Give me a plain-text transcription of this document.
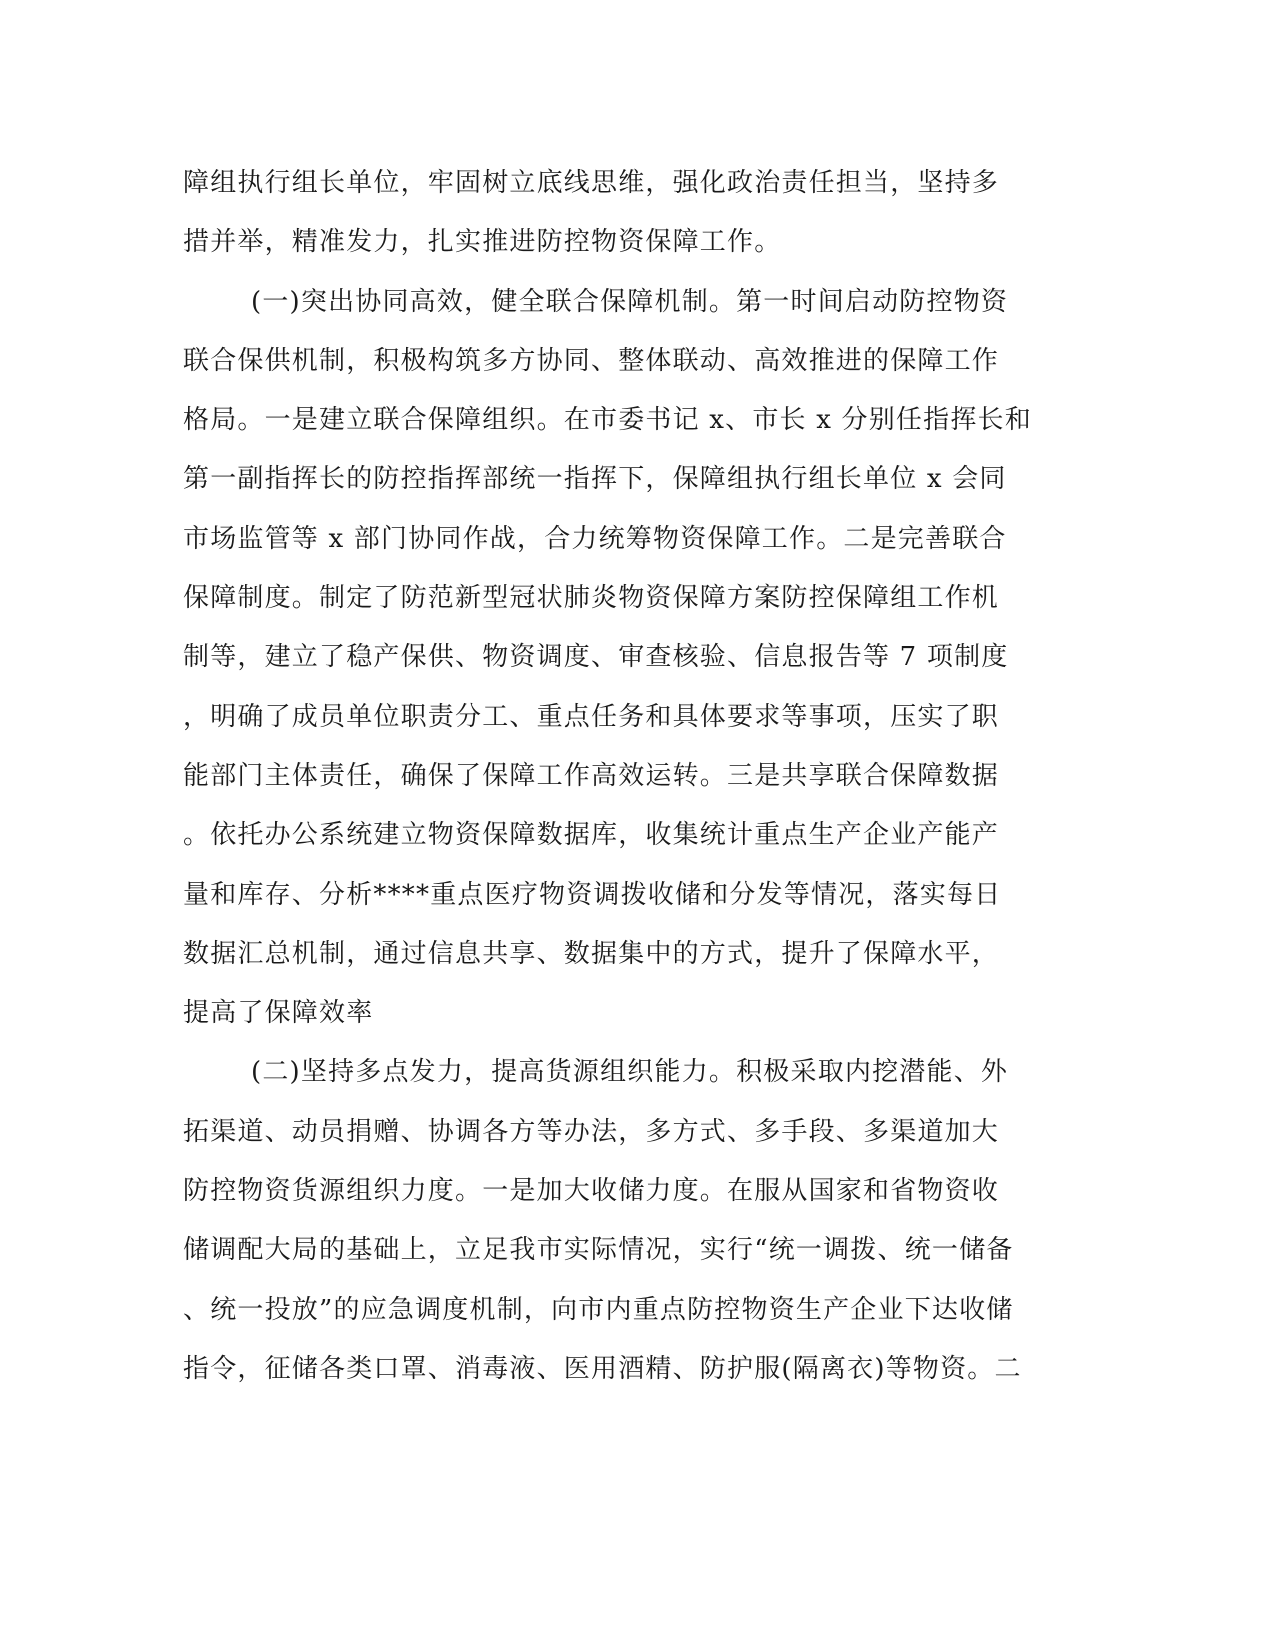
障组执行组长单位，牢固树立底线思维，强化政治责任担当，坚持多
措并举，精准发力，扎实推进防控物资保障工作。
(一)突出协同高效，健全联合保障机制。第一时间启动防控物资
联合保供机制，积极构筑多方协同、整体联动、高效推进的保障工作
格局。一是建立联合保障组织。在市委书记 x、市长 x 分别任指挥长和
第一副指挥长的防控指挥部统一指挥下，保障组执行组长单位 x 会同
市场监管等 x 部门协同作战，合力统筹物资保障工作。二是完善联合
保障制度。制定了防范新型冠状肺炎物资保障方案防控保障组工作机
制等，建立了稳产保供、物资调度、审查核验、信息报告等 7 项制度
，明确了成员单位职责分工、重点任务和具体要求等事项，压实了职
能部门主体责任，确保了保障工作高效运转。三是共享联合保障数据
。依托办公系统建立物资保障数据库，收集统计重点生产企业产能产
量和库存、分析****重点医疗物资调拨收储和分发等情况，落实每日
数据汇总机制，通过信息共享、数据集中的方式，提升了保障水平，
提高了保障效率
(二)坚持多点发力，提高货源组织能力。积极采取内挖潜能、外
拓渠道、动员捐赠、协调各方等办法，多方式、多手段、多渠道加大
防控物资货源组织力度。一是加大收储力度。在服从国家和省物资收
储调配大局的基础上，立足我市实际情况，实行“统一调拨、统一储备
、统一投放”的应急调度机制，向市内重点防控物资生产企业下达收储
指令，征储各类口罩、消毒液、医用酒精、防护服(隔离衣)等物资。二
